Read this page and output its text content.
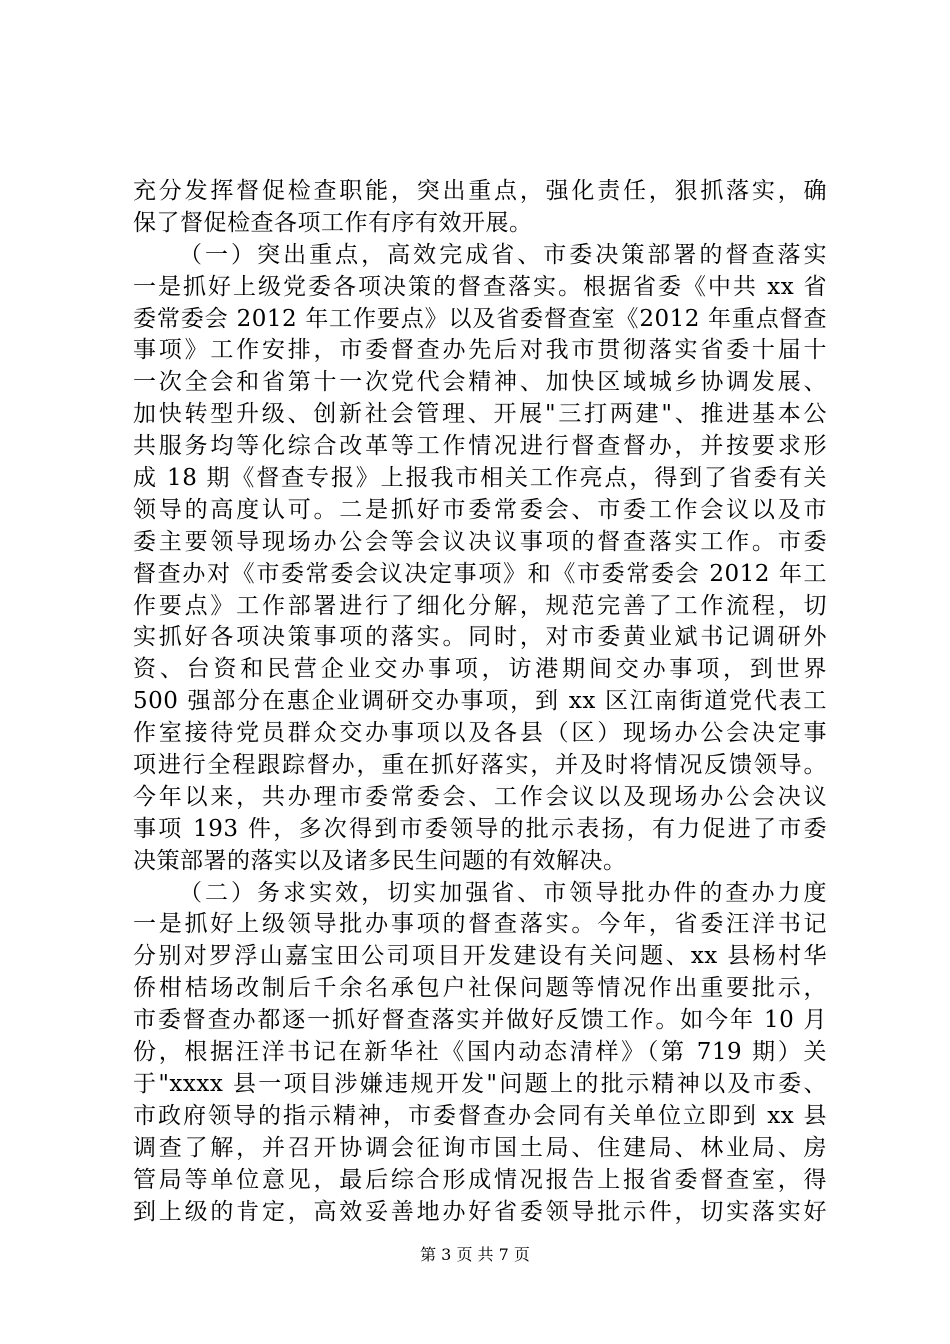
充分发挥督促检查职能，突出重点，强化责任，狠抓落实，确
保了督促检查各项工作有序有效开展。
（一）突出重点，高效完成省、市委决策部署的督查落实
一是抓好上级党委各项决策的督查落实。根据省委《中共 xx 省
委常委会 2012 年工作要点》以及省委督查室《2012 年重点督查
事项》工作安排，市委督查办先后对我市贯彻落实省委十届十
一次全会和省第十一次党代会精神、加快区域城乡协调发展、
加快转型升级、创新社会管理、开展"三打两建"、推进基本公
共服务均等化综合改革等工作情况进行督查督办，并按要求形
成 18 期《督查专报》上报我市相关工作亮点，得到了省委有关
领导的高度认可。二是抓好市委常委会、市委工作会议以及市
委主要领导现场办公会等会议决议事项的督查落实工作。市委
督查办对《市委常委会议决定事项》和《市委常委会 2012 年工
作要点》工作部署进行了细化分解，规范完善了工作流程，切
实抓好各项决策事项的落实。同时，对市委黄业斌书记调研外
资、台资和民营企业交办事项，访港期间交办事项，到世界
500 强部分在惠企业调研交办事项，到 xx 区江南街道党代表工
作室接待党员群众交办事项以及各县（区）现场办公会决定事
项进行全程跟踪督办，重在抓好落实，并及时将情况反馈领导。
今年以来，共办理市委常委会、工作会议以及现场办公会决议
事项 193 件，多次得到市委领导的批示表扬，有力促进了市委
决策部署的落实以及诸多民生问题的有效解决。
（二）务求实效，切实加强省、市领导批办件的查办力度
一是抓好上级领导批办事项的督查落实。今年，省委汪洋书记
分别对罗浮山嘉宝田公司项目开发建设有关问题、xx 县杨村华
侨柑桔场改制后千余名承包户社保问题等情况作出重要批示，
市委督查办都逐一抓好督查落实并做好反馈工作。如今年 10 月
份，根据汪洋书记在新华社《国内动态清样》（第 719 期）关
于"xxxx 县一项目涉嫌违规开发"问题上的批示精神以及市委、
市政府领导的指示精神，市委督查办会同有关单位立即到 xx 县
调查了解，并召开协调会征询市国土局、住建局、林业局、房
管局等单位意见，最后综合形成情况报告上报省委督查室，得
到上级的肯定，高效妥善地办好省委领导批示件，切实落实好
第 3 页 共 7 页
